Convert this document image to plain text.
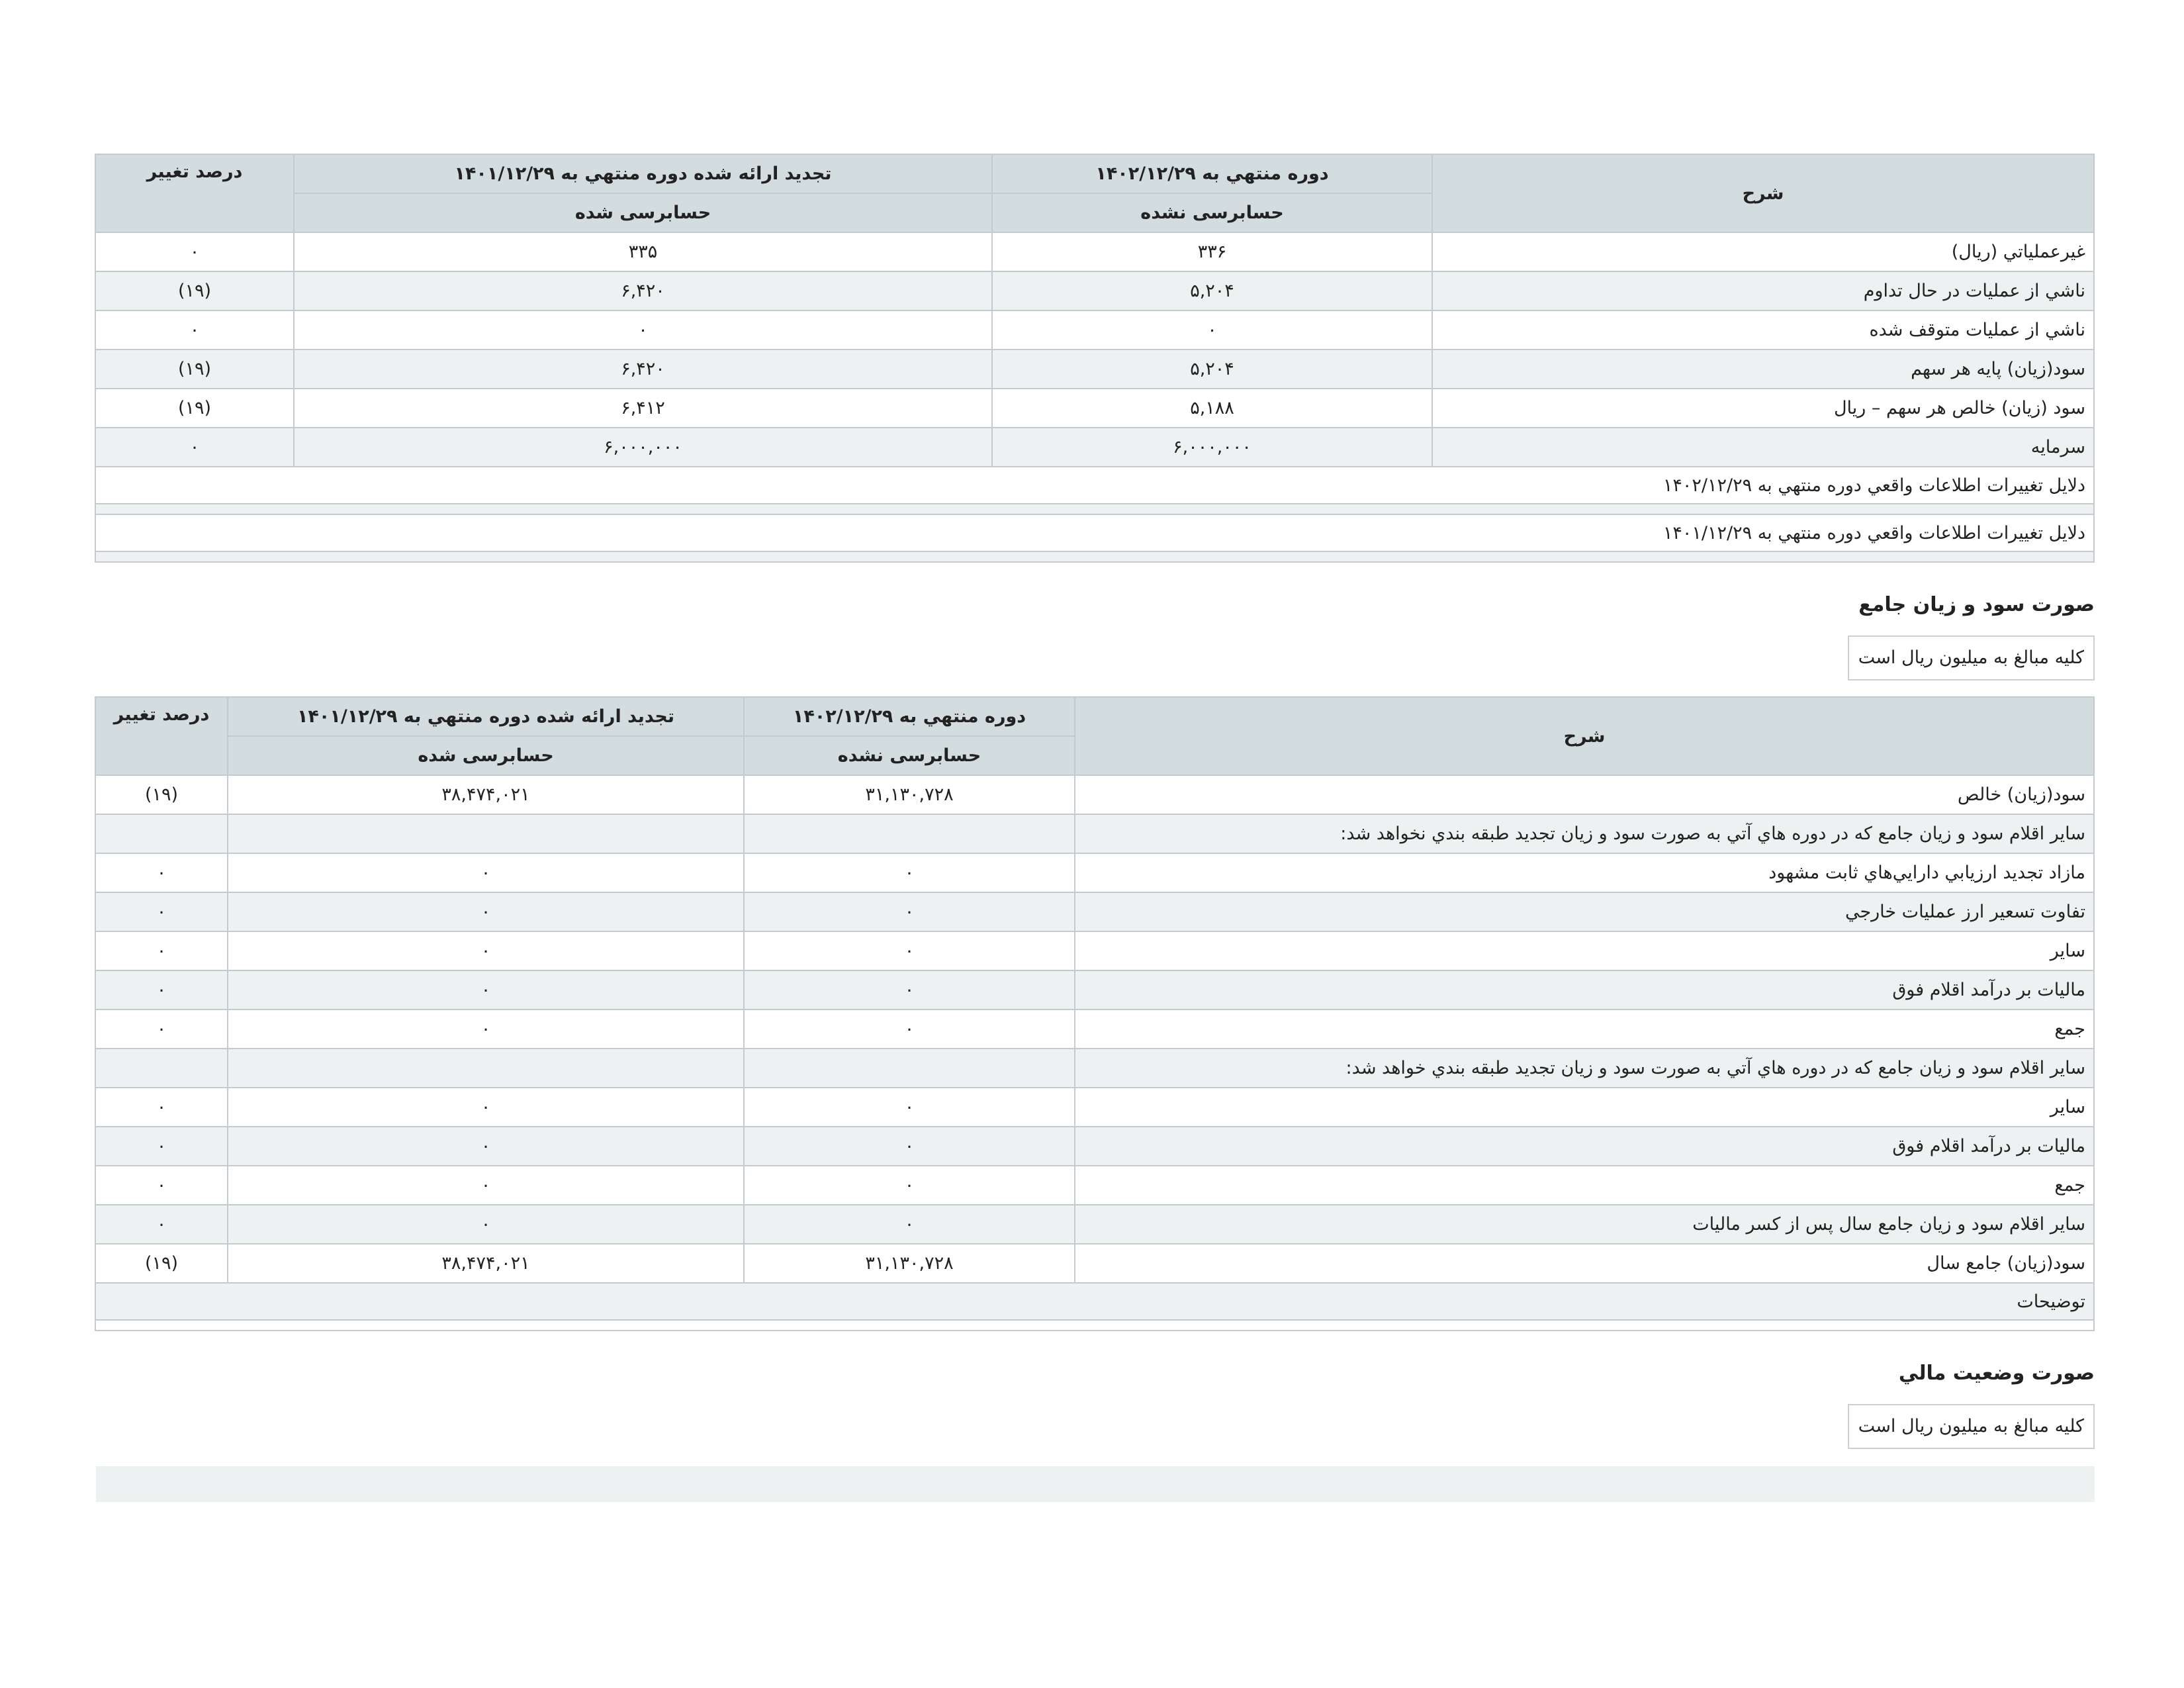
شرح	دوره منتهي به ۱۴۰۲/۱۲/۲۹	تجديد ارائه شده دوره منتهي به ۱۴۰۱/۱۲/۲۹	درصد تغيير
	حسابرسی نشده	حسابرسی شده	
غيرعملياتي (ريال)	۳۳۶	۳۳۵	۰
ناشي از عمليات در حال تداوم	۵,۲۰۴	۶,۴۲۰	(۱۹)
ناشي از عمليات متوقف شده	۰	۰	۰
سود(زيان) پايه هر سهم	۵,۲۰۴	۶,۴۲۰	(۱۹)
سود (زيان) خالص هر سهم – ريال	۵,۱۸۸	۶,۴۱۲	(۱۹)
سرمايه	۶,۰۰۰,۰۰۰	۶,۰۰۰,۰۰۰	۰
دلايل تغييرات اطلاعات واقعي دوره منتهي به ۱۴۰۲/۱۲/۲۹			

دلايل تغييرات اطلاعات واقعي دوره منتهي به ۱۴۰۱/۱۲/۲۹			

صورت سود و زيان جامع
کليه مبالغ به ميليون ريال است
شرح	دوره منتهي به ۱۴۰۲/۱۲/۲۹	تجديد ارائه شده دوره منتهي به ۱۴۰۱/۱۲/۲۹	درصد تغيير
	حسابرسی نشده	حسابرسی شده	
سود(زيان) خالص	۳۱,۱۳۰,۷۲۸	۳۸,۴۷۴,۰۲۱	(۱۹)
ساير اقلام سود و زيان جامع که در دوره هاي آتي به صورت سود و زيان تجديد طبقه بندي نخواهد شد:			
مازاد تجديد ارزيابي دارايي‌هاي ثابت مشهود	۰	۰	۰
تفاوت تسعير ارز عمليات خارجي	۰	۰	۰
ساير	۰	۰	۰
ماليات بر درآمد اقلام فوق	۰	۰	۰
جمع	۰	۰	۰
ساير اقلام سود و زيان جامع که در دوره هاي آتي به صورت سود و زيان تجديد طبقه بندي خواهد شد:			
ساير	۰	۰	۰
ماليات بر درآمد اقلام فوق	۰	۰	۰
جمع	۰	۰	۰
ساير اقلام سود و زيان جامع سال پس از کسر ماليات	۰	۰	۰
سود(زيان) جامع سال	۳۱,۱۳۰,۷۲۸	۳۸,۴۷۴,۰۲۱	(۱۹)
توضيحات			

صورت وضعيت مالي
کليه مبالغ به ميليون ريال است
